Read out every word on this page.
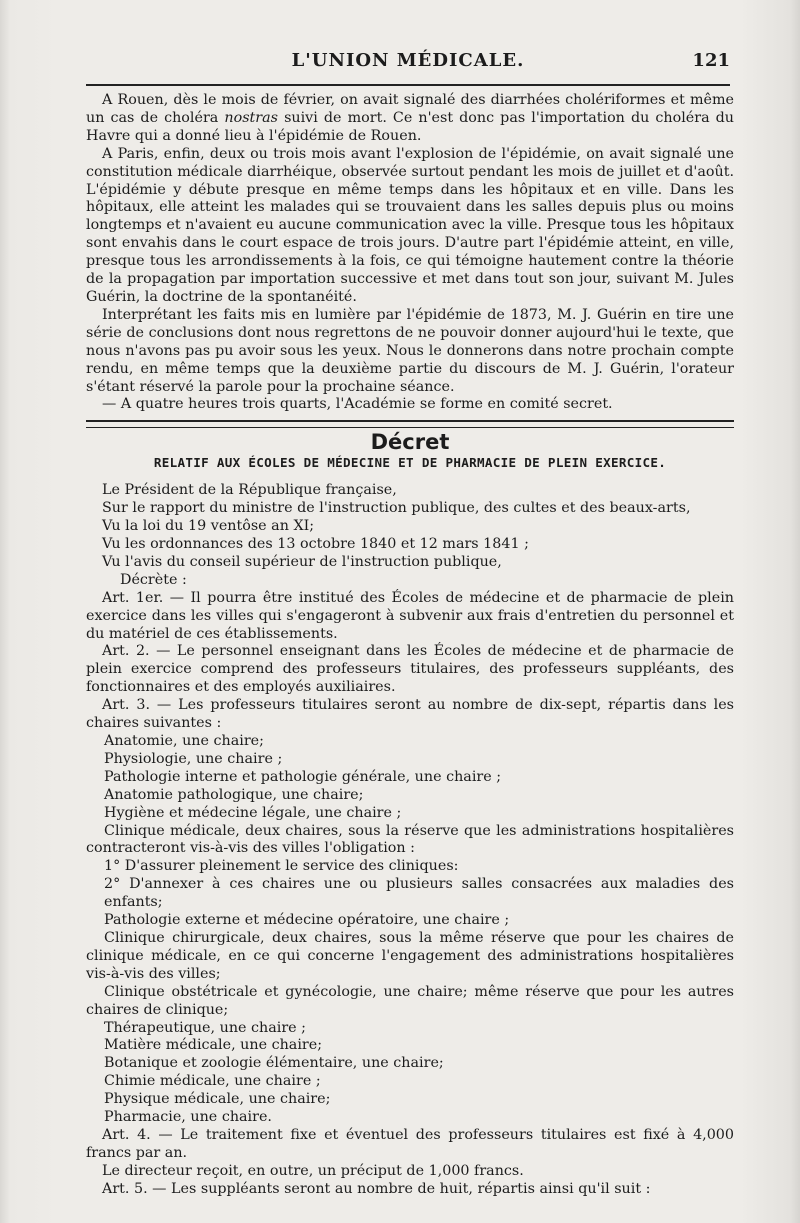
L'UNION MÉDICALE.	121

A Rouen, dès le mois de février, on avait signalé des diarrhées cholériformes et même un cas de choléra nostras suivi de mort. Ce n'est donc pas l'importation du choléra du Havre qui a donné lieu à l'épidémie de Rouen.

A Paris, enfin, deux ou trois mois avant l'explosion de l'épidémie, on avait signalé une constitution médicale diarrhéique, observée surtout pendant les mois de juillet et d'août. L'épidémie y débute presque en même temps dans les hôpitaux et en ville. Dans les hôpitaux, elle atteint les malades qui se trouvaient dans les salles depuis plus ou moins longtemps et n'avaient eu aucune communication avec la ville. Presque tous les hôpitaux sont envahis dans le court espace de trois jours. D'autre part l'épidémie atteint, en ville, presque tous les arrondissements à la fois, ce qui témoigne hautement contre la théorie de la propagation par importation successive et met dans tout son jour, suivant M. Jules Guérin, la doctrine de la spontanéité.

Interprétant les faits mis en lumière par l'épidémie de 1873, M. J. Guérin en tire une série de conclusions dont nous regrettons de ne pouvoir donner aujourd'hui le texte, que nous n'avons pas pu avoir sous les yeux. Nous le donnerons dans notre prochain compte rendu, en même temps que la deuxième partie du discours de M. J. Guérin, l'orateur s'étant réservé la parole pour la prochaine séance.

— A quatre heures trois quarts, l'Académie se forme en comité secret.

Décret
RELATIF AUX ÉCOLES DE MÉDECINE ET DE PHARMACIE DE PLEIN EXERCICE.

Le Président de la République française,

Sur le rapport du ministre de l'instruction publique, des cultes et des beaux-arts,

Vu la loi du 19 ventôse an XI;

Vu les ordonnances des 13 octobre 1840 et 12 mars 1841 ;

Vu l'avis du conseil supérieur de l'instruction publique,

Décrète :

Art. 1er. — Il pourra être institué des Écoles de médecine et de pharmacie de plein exercice dans les villes qui s'engageront à subvenir aux frais d'entretien du personnel et du matériel de ces établissements.

Art. 2. — Le personnel enseignant dans les Écoles de médecine et de pharmacie de plein exercice comprend des professeurs titulaires, des professeurs suppléants, des fonctionnaires et des employés auxiliaires.

Art. 3. — Les professeurs titulaires seront au nombre de dix-sept, répartis dans les chaires suivantes :

Anatomie, une chaire;

Physiologie, une chaire ;

Pathologie interne et pathologie générale, une chaire ;

Anatomie pathologique, une chaire;

Hygiène et médecine légale, une chaire ;

Clinique médicale, deux chaires, sous la réserve que les administrations hospitalières contracteront vis-à-vis des villes l'obligation :

1° D'assurer pleinement le service des cliniques:

2° D'annexer à ces chaires une ou plusieurs salles consacrées aux maladies des enfants;

Pathologie externe et médecine opératoire, une chaire ;

Clinique chirurgicale, deux chaires, sous la même réserve que pour les chaires de clinique médicale, en ce qui concerne l'engagement des administrations hospitalières vis-à-vis des villes;

Clinique obstétricale et gynécologie, une chaire; même réserve que pour les autres chaires de clinique;

Thérapeutique, une chaire ;

Matière médicale, une chaire;

Botanique et zoologie élémentaire, une chaire;

Chimie médicale, une chaire ;

Physique médicale, une chaire;

Pharmacie, une chaire.

Art. 4. — Le traitement fixe et éventuel des professeurs titulaires est fixé à 4,000 francs par an.

Le directeur reçoit, en outre, un préciput de 1,000 francs.

Art. 5. — Les suppléants seront au nombre de huit, répartis ainsi qu'il suit :
